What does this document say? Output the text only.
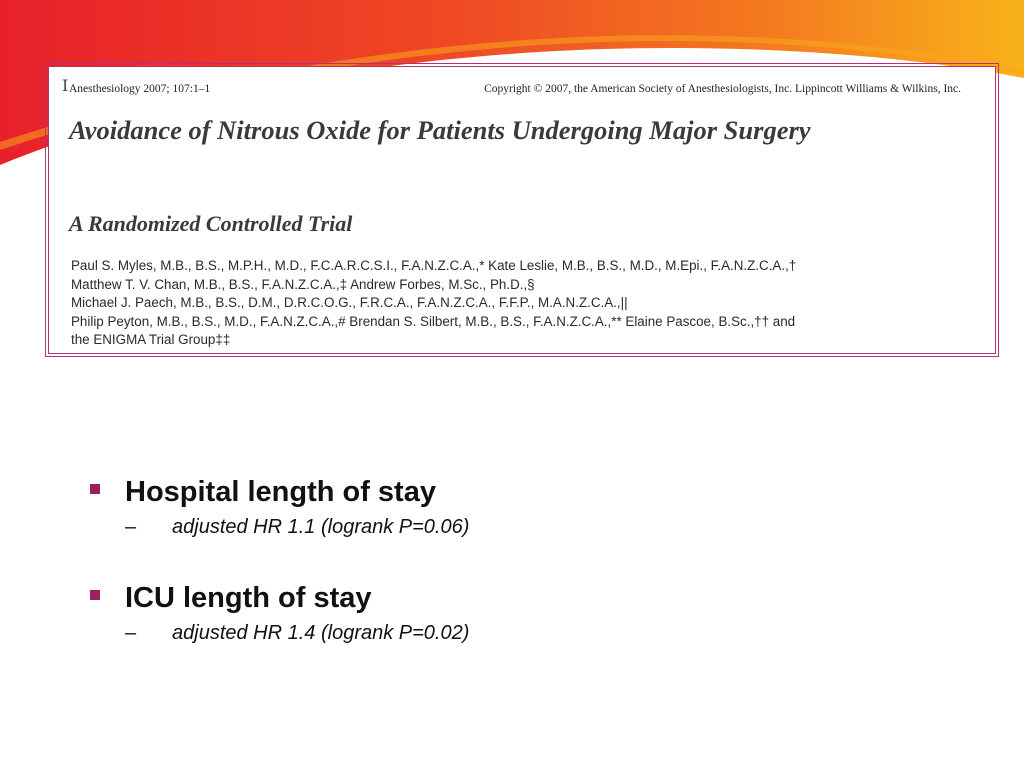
I Anesthesiology 2007; 107:1–1	Copyright © 2007, the American Society of Anesthesiologists, Inc. Lippincott Williams & Wilkins, Inc.
Avoidance of Nitrous Oxide for Patients Undergoing Major Surgery
A Randomized Controlled Trial
Paul S. Myles, M.B., B.S., M.P.H., M.D., F.C.A.R.C.S.I., F.A.N.Z.C.A.,* Kate Leslie, M.B., B.S., M.D., M.Epi., F.A.N.Z.C.A.,†
Matthew T. V. Chan, M.B., B.S., F.A.N.Z.C.A.,‡ Andrew Forbes, M.Sc., Ph.D.,§
Michael J. Paech, M.B., B.S., D.M., D.R.C.O.G., F.R.C.A., F.A.N.Z.C.A., F.F.P., M.A.N.Z.C.A.,||
Philip Peyton, M.B., B.S., M.D., F.A.N.Z.C.A.,# Brendan S. Silbert, M.B., B.S., F.A.N.Z.C.A.,** Elaine Pascoe, B.Sc.,†† and
the ENIGMA Trial Group‡‡
Hospital length of stay
– adjusted HR 1.1 (logrank P=0.06)
ICU length of stay
– adjusted HR 1.4 (logrank P=0.02)
